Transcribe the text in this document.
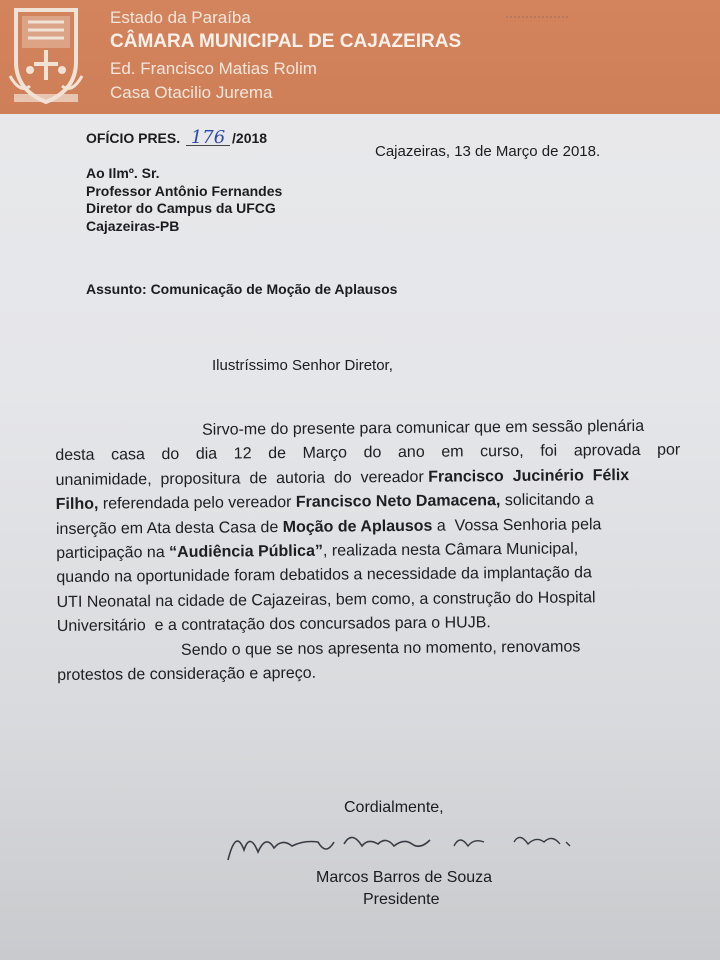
Estado da Paraíba
CÂMARA MUNICIPAL DE CAJAZEIRAS
Ed. Francisco Matias Rolim
Casa Otacilio Jurema
OFÍCIO PRES. 176 /2018
Cajazeiras, 13 de Março de 2018.
Ao Ilmº. Sr.
Professor Antônio Fernandes
Diretor do Campus da UFCG
Cajazeiras-PB
Assunto: Comunicação de Moção de Aplausos
Ilustríssimo Senhor Diretor,
Sirvo-me do presente para comunicar que em sessão plenária
desta casa do dia 12 de Março do ano em curso, foi aprovada por
unanimidade,  propositura  de  autoria  do  vereador Francisco  Jucinério  Félix
Filho, referendada pelo vereador Francisco Neto Damacena, solicitando a
inserção em Ata desta Casa de Moção de Aplausos a  Vossa Senhoria pela
participação na “Audiência Pública”, realizada nesta Câmara Municipal,
quando na oportunidade foram debatidos a necessidade da implantação da
UTI Neonatal na cidade de Cajazeiras, bem como, a construção do Hospital
Universitário  e a contratação dos concursados para o HUJB.
Sendo o que se nos apresenta no momento, renovamos
protestos de consideração e apreço.
Cordialmente,
Marcos Barros de Souza
Presidente
